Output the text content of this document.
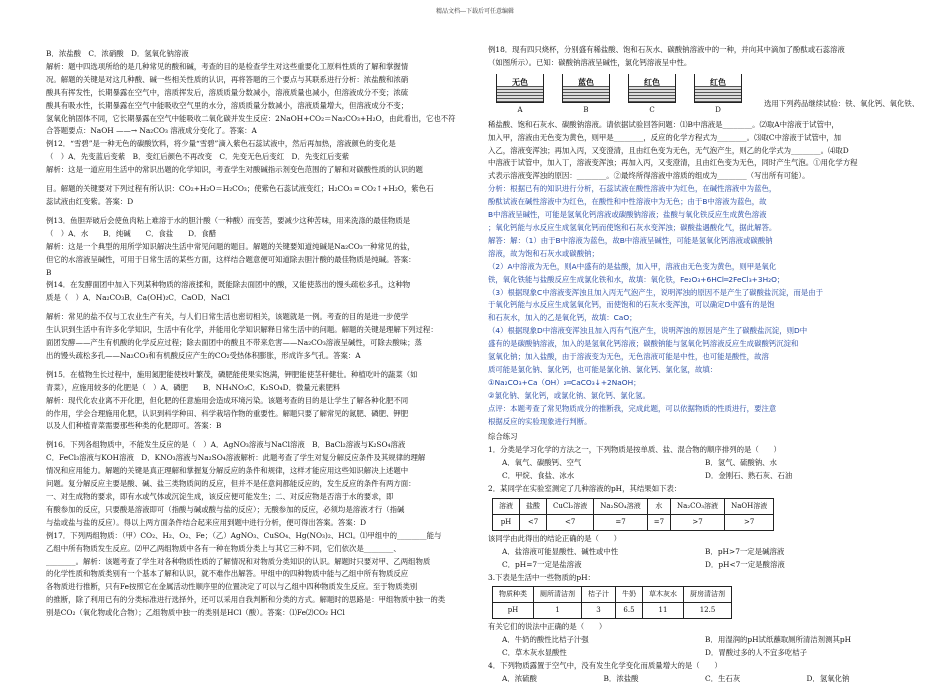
精品文档---下载后可任意编辑

B．浓盐酸　C．浓硝酸　D．氢氧化钠溶液

解析：题中四选项所给的是几种常见的酸和碱，考查的目的是检查学生对这些重要化工原料性质的了解和掌握情

况。解题的关键是对这几种酸、碱一些相关性质的认识，再将答题的三个要点与其联系进行分析：浓盐酸和浓硝

酸具有挥发性，长期暴露在空气中，溶质挥发后，溶质质量分数减小，溶液质量也减小，但溶液成分不变；浓硫

酸具有吸水性，长期暴露在空气中能吸收空气里的水分，溶质质量分数减小，溶液质量增大，但溶液成分不变；

氢氧化钠固体不同，它长期暴露在空气中能吸收二氧化碳并发生反应：2NaOH+CO₂＝Na₂CO₃+H₂O，由此看出，它也不符

合答题要点：NaOH ——→ Na₂CO₃ 溶液成分变化了。答案：A

例12．“雪碧”是一种无色的碳酸饮料，将少量“雪碧”滴入紫色石蕊试液中，然后再加热，溶液颜色的变化是

（　）A．先变蓝后变紫　B．变红后颜色不再改变　C．先变无色后变红　D．先变红后变紫

解析：这是一道应用生活中的常识出题的化学知识，考查学生对酸碱指示剂变色范围的了解和对碳酸性质的认识的题

目。解题的关键要对下列过程有所认识：CO₂+H₂O＝H₂CO₃；使紫色石蕊试液变红；H₂CO₃ ═ CO₂↑+H₂O，紫色石

蕊试液由红变紫。答案：D

例13．鱼胆弄破后会使鱼肉粘上难溶于水的胆汁酸（一种酸）而变苦，要减少这种苦味，用来洗涤的最佳物质是

（　）A．水　　B．纯碱　　C．食盐　　D．食醋

解析：这是一个典型的用所学知识解决生活中常见问题的题目。解题的关键要知道纯碱是Na₂CO₃一种常见的盐，

但它的水溶液呈碱性，可用于日常生活的某些方面，这样结合题意便可知道除去胆汁酸的最佳物质是纯碱。答案：

B

例14．在发酵面团中加入下列某种物质的溶液揉和，既能除去面团中的酸，又能使蒸出的馒头疏松多孔，这种物

质是（　）A．Na₂CO₃B．Ca(OH)₂C．CaOD．NaCl

解析：常见的盐不仅与工农业生产有关，与人们日常生活也密切相关，该题就是一例。考查的目的是进一步使学

生认识到生活中有许多化学知识，生活中有化学，并能用化学知识解释日常生活中的问题。解题的关键是理解下列过程：

面团发酵——产生有机酸的化学反应过程；除去面团中的酸且不带来危害——Na₂CO₃溶液呈碱性，可除去酸味；蒸

出的馒头疏松多孔——Na₂CO₃和有机酸反应产生的CO₂受热体积膨胀，形成许多气孔。答案：A

例15．在植物生长过程中，施用氮肥能使枝叶繁茂，磷肥能使果实饱满，钾肥能使茎秆健壮。种植吃叶的蔬菜（如

青菜），应施用较多的化肥是（　）A．磷肥　　B．NH₄NO₃C．K₂SO₄D．微量元素肥料

解析：现代化农业离不开化肥，但化肥的任意施用会造成环境污染。该题考查的目的是让学生了解各种化肥不同

的作用，学会合理施用化肥，认识到科学种田、科学栽培作物的重要性。解题只要了解常见的氮肥、磷肥、钾肥

以及人们种植青菜需要那些种类的化肥即可。答案：B

例16．下列各组物质中，不能发生反应的是（　）A．AgNO₃溶液与NaCl溶液　B．BaCl₂溶液与K₂SO₄溶液

C．FeCl₃溶液与KOH溶液　D．KNO₃溶液与Na₂SO₄溶液解析：此题考查了学生对复分解反应条件及其规律的理解

情况和应用能力。解题的关键是真正理解和掌握复分解反应的条件和规律，这样才能应用这些知识解决上述题中

问题。复分解反应主要是酸、碱、盐三类物质间的反应，但并不是任意间都能反应的，发生反应的条件有两方面：

一、对生成物的要求，即有水或气体或沉淀生成，该反应便可能发生；二、对反应物是否溶于水的要求，即

有酸参加的反应，只要酸是溶液即可（指酸与碱或酸与盐的反应）；无酸参加的反应，必须均是溶液才行（指碱

与盐或盐与盐的反应）。得以上两方面条件结合起来应用到题中进行分析，便可得出答案。答案：D

例17．下列两组物质：（甲）CO₂、H₂、O₂、Fe；（乙）AgNO₃、CuSO₄、Hg(NO₃)₂、HCl。⑴甲组中的________能与

乙组中所有物质发生反应。⑵甲乙两组物质中各有一种在物质分类上与其它三种不同，它们依次是________、

________。解析：该题考查了学生对各种物质性质的了解情况和对物质分类知识的认识。解题时只要对甲、乙两组物质

的化学性质和物质类别有一个基本了解和认识，就不难作出解答。甲组中的四种物质中能与乙组中所有物质反应

各物质进行推断，只有Fe按照它在金属活动性顺序里的位置决定了可以与乙组中四种物质发生反应。至于物质类别

的推断，除了利用已有的分类标准进行选择外，还可以采用自我判断和分类的方式。解题时的思路是：甲组物质中独一的类

别是CO₂（氧化物或化合物）；乙组物质中独一的类别是HCl（酸）。答案：⑴Fe⑵CO₂ HCl

例18．现有四只烧杯，分别盛有稀盐酸、饱和石灰水、碳酸钠溶液中的一种，并向其中滴加了酚酞或石蕊溶液

（如图所示）。已知：碳酸钠溶液呈碱性，氯化钙溶液呈中性。

无色
A
蓝色
B
红色
C
红色
D
选用下列药品继续试验：铁、氧化钙、氧化铁、

稀盐酸、饱和石灰水、碳酸钠溶液。请依据试验回答问题：⑴B中溶液是________。⑵取A中溶液于试管中，

加入甲，溶液由无色变为黄色，则甲是________，反应的化学方程式为________。⑶取C中溶液于试管中，加

入乙，溶液变浑浊；再加入丙，又变澄清，且由红色变为无色，无气泡产生，则乙的化学式为________。⑷取D

中溶液于试管中，加入丁，溶液变浑浊；再加入丙，又变澄清，且由红色变为无色，同时产生气泡。①用化学方程

式表示溶液变浑浊的原因：________。②最终所得溶液中溶质的组成为________（写出所有可能）。

分析：根据已有的知识进行分析，石蕊试液在酸性溶液中为红色，在碱性溶液中为蓝色，

酚酞试液在碱性溶液中为红色，在酸性和中性溶液中为无色；由于B中溶液为蓝色，故

B中溶液呈碱性，可能是氢氧化钙溶液或碳酸钠溶液；盐酸与氧化铁反应生成黄色溶液

；氧化钙能与水反应生成氢氧化钙而使饱和石灰水变浑浊；碳酸盐遇酸化气，据此解答。

解答：解：（1）由于B中溶液为蓝色，故B中溶液呈碱性，可能是氢氧化钙溶液或碳酸钠

溶液，故为饱和石灰水或碳酸钠；

（2）A中溶液为无色，则A中盛有的是盐酸，加入甲，溶液由无色变为黄色，则甲是氧化

铁，氧化铁能与盐酸反应生成氯化铁和水，故填：氧化铁，Fe₂O₃+6HCl═2FeCl₃+3H₂O；

（3）根据现象C中溶液变浑浊且加入丙无气泡产生，说明浑浊的原因不是产生了碳酸盐沉淀，而是由于

于氧化钙能与水反应生成氢氧化钙，而使饱和的石灰水变浑浊，可以确定D中盛有的是饱

和石灰水，加入的乙是氧化钙，故填：CaO；

（4）根据现象D中溶液变浑浊且加入丙有气泡产生，说明浑浊的原因是产生了碳酸盐沉淀，则D中

盛有的是碳酸钠溶液，加入的是氢氧化钙溶液；碳酸钠能与氢氧化钙溶液反应生成碳酸钙沉淀和

氢氧化钠；加入盐酸，由于溶液变为无色，无色溶液可能是中性，也可能是酸性，故溶

质可能是氯化钠、氯化钙，也可能是氯化钠、氯化钙、氯化氢，故填：

①Na₂CO₃+Ca（OH）₂═CaCO₃↓+2NaOH；

②氯化钠、氯化钙，或氯化钠、氯化钙、氯化氢。

点评：本题考查了常见物质成分的推断我，完成此题，可以依据物质的性质进行，要注意

根据反应的实验现象进行判断。

综合练习

1．分类是学习化学的方法之一，下列物质是按单质、盐、混合物的顺序排列的是（　　）

A．氧气、碳酸钙、空气	B．氢气、硫酸钠、水
C．甲烷、食盐、冰水	D．金刚石、熟石灰、石油

2．某同学在实验室测定了几种溶液的pH，其结果如下表：

溶液	盐酸	CuCl₂溶液	Na₂SO₄溶液	水	Na₂CO₃溶液	NaOH溶液
pH	<7	<7	=7	=7	>7	>7

该同学由此得出的结论正确的是（　　）

A．盐溶液可能显酸性、碱性或中性	B．pH>7一定是碱溶液
C．pH=7一定是盐溶液	D．pH<7一定是酸溶液

3.下表是生活中一些物质的pH：

物质种类	厕所清洁剂	桔子汁	牛奶	草木灰水	厨房清洁剂
pH	1	3	6.5	11	12.5

有关它们的说法中正确的是（　　）

A．牛奶的酸性比桔子汁强	B．用湿润的pH试纸蘸取厕所清洁剂测其pH
C．草木灰水显酸性	D．胃酸过多的人不宜多吃桔子

4．下列物质露置于空气中，没有发生化学变化而质量增大的是（　　）

A．浓硫酸	B．浓盐酸	C．生石灰	D．氢氧化钠
